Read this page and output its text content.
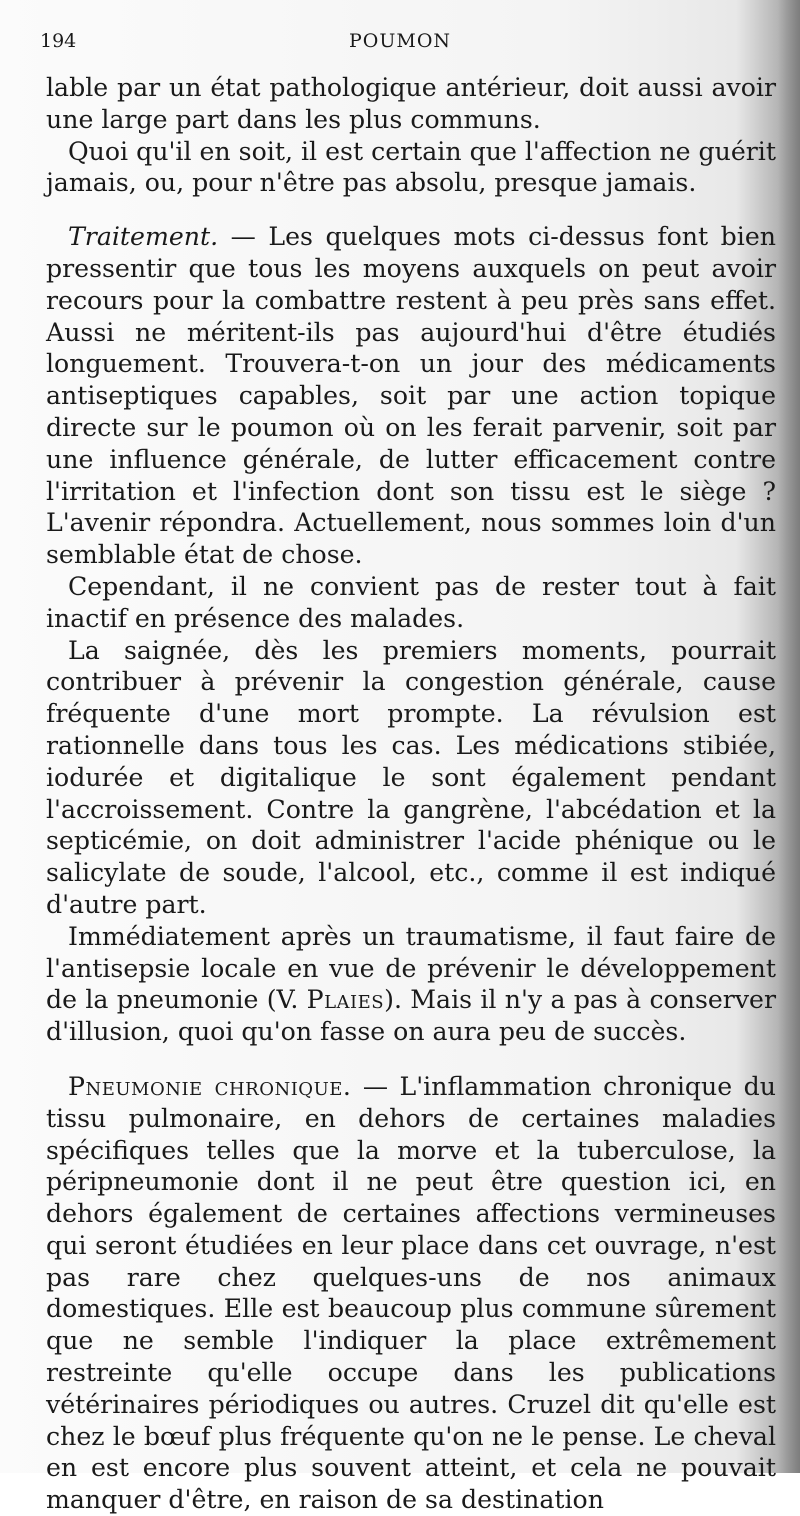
194	POUMON

lable par un état pathologique antérieur, doit aussi avoir une large part dans les plus communs.

Quoi qu'il en soit, il est certain que l'affection ne guérit jamais, ou, pour n'être pas absolu, presque jamais.

Traitement. — Les quelques mots ci-dessus font bien pressentir que tous les moyens auxquels on peut avoir recours pour la combattre restent à peu près sans effet. Aussi ne méritent-ils pas aujourd'hui d'être étudiés longuement. Trouvera-t-on un jour des médicaments antiseptiques capables, soit par une action topique directe sur le poumon où on les ferait parvenir, soit par une influence générale, de lutter efficacement contre l'irritation et l'infection dont son tissu est le siège ? L'avenir répondra. Actuellement, nous sommes loin d'un semblable état de chose.

Cependant, il ne convient pas de rester tout à fait inactif en présence des malades.

La saignée, dès les premiers moments, pourrait contribuer à prévenir la congestion générale, cause fréquente d'une mort prompte. La révulsion est rationnelle dans tous les cas. Les médications stibiée, iodurée et digitalique le sont également pendant l'accroissement. Contre la gangrène, l'abcédation et la septicémie, on doit administrer l'acide phénique ou le salicylate de soude, l'alcool, etc., comme il est indiqué d'autre part.

Immédiatement après un traumatisme, il faut faire de l'antisepsie locale en vue de prévenir le développement de la pneumonie (V. Plaies). Mais il n'y a pas à conserver d'illusion, quoi qu'on fasse on aura peu de succès.

Pneumonie chronique. — L'inflammation chronique du tissu pulmonaire, en dehors de certaines maladies spécifiques telles que la morve et la tuberculose, la péripneumonie dont il ne peut être question ici, en dehors également de certaines affections vermineuses qui seront étudiées en leur place dans cet ouvrage, n'est pas rare chez quelques-uns de nos animaux domestiques. Elle est beaucoup plus commune sûrement que ne semble l'indiquer la place extrêmement restreinte qu'elle occupe dans les publications vétérinaires périodiques ou autres. Cruzel dit qu'elle est chez le bœuf plus fréquente qu'on ne le pense. Le cheval en est encore plus souvent atteint, et cela ne pouvait manquer d'être, en raison de sa destination
